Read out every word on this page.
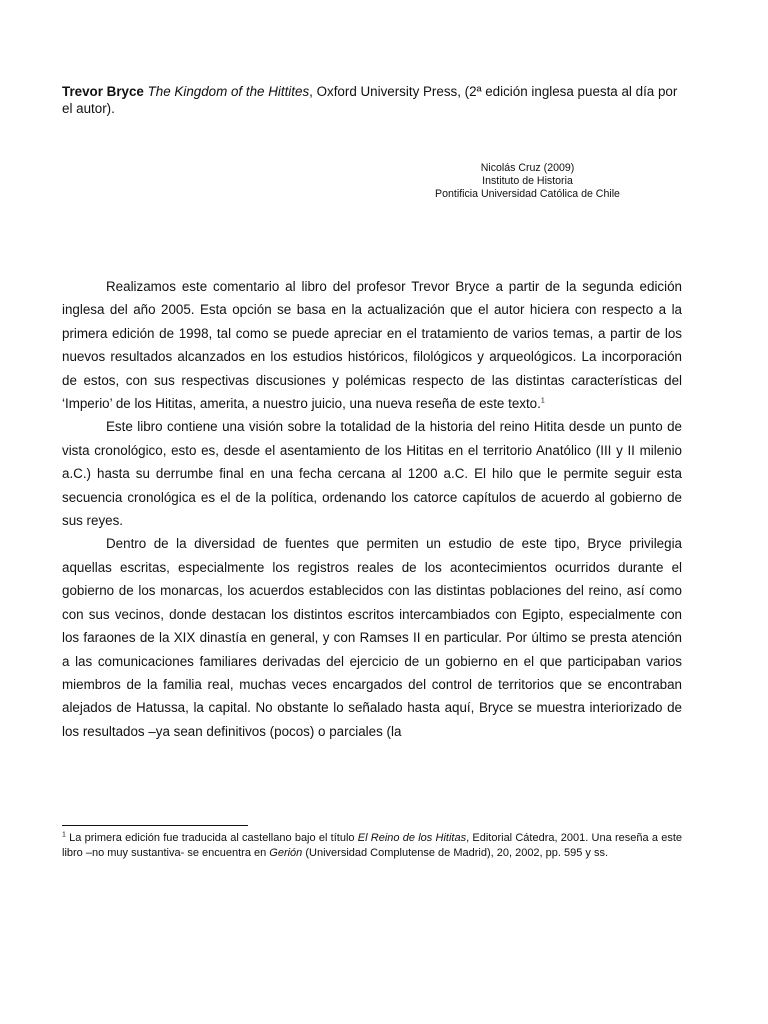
Trevor Bryce The Kingdom of the Hittites, Oxford University Press, (2ª edición inglesa puesta al día por el autor).
Nicolás Cruz (2009)
Instituto de Historia
Pontificia Universidad Católica de Chile

Realizamos este comentario al libro del profesor Trevor Bryce a partir de la segunda edición inglesa del año 2005. Esta opción se basa en la actualización que el autor hiciera con respecto a la primera edición de 1998, tal como se puede apreciar en el tratamiento de varios temas, a partir de los nuevos resultados alcanzados en los estudios históricos, filológicos y arqueológicos. La incorporación de estos, con sus respectivas discusiones y polémicas respecto de las distintas características del ‘Imperio’ de los Hititas, amerita, a nuestro juicio, una nueva reseña de este texto.$^1$

Este libro contiene una visión sobre la totalidad de la historia del reino Hitita desde un punto de vista cronológico, esto es, desde el asentamiento de los Hititas en el territorio Anatólico (III y II milenio a.C.) hasta su derrumbe final en una fecha cercana al 1200 a.C. El hilo que le permite seguir esta secuencia cronológica es el de la política, ordenando los catorce capítulos de acuerdo al gobierno de sus reyes.

Dentro de la diversidad de fuentes que permiten un estudio de este tipo, Bryce privilegia aquellas escritas, especialmente los registros reales de los acontecimientos ocurridos durante el gobierno de los monarcas, los acuerdos establecidos con las distintas poblaciones del reino, así como con sus vecinos, donde destacan los distintos escritos intercambiados con Egipto, especialmente con los faraones de la XIX dinastía en general, y con Ramses II en particular. Por último se presta atención a las comunicaciones familiares derivadas del ejercicio de un gobierno en el que participaban varios miembros de la familia real, muchas veces encargados del control de territorios que se encontraban alejados de Hatussa, la capital. No obstante lo señalado hasta aquí, Bryce se muestra interiorizado de los resultados –ya sean definitivos (pocos) o parciales (la

$^1$ La primera edición fue traducida al castellano bajo el título El Reino de los Hititas, Editorial Cátedra, 2001. Una reseña a este libro –no muy sustantiva- se encuentra en Gerión (Universidad Complutense de Madrid), 20, 2002, pp. 595 y ss.
